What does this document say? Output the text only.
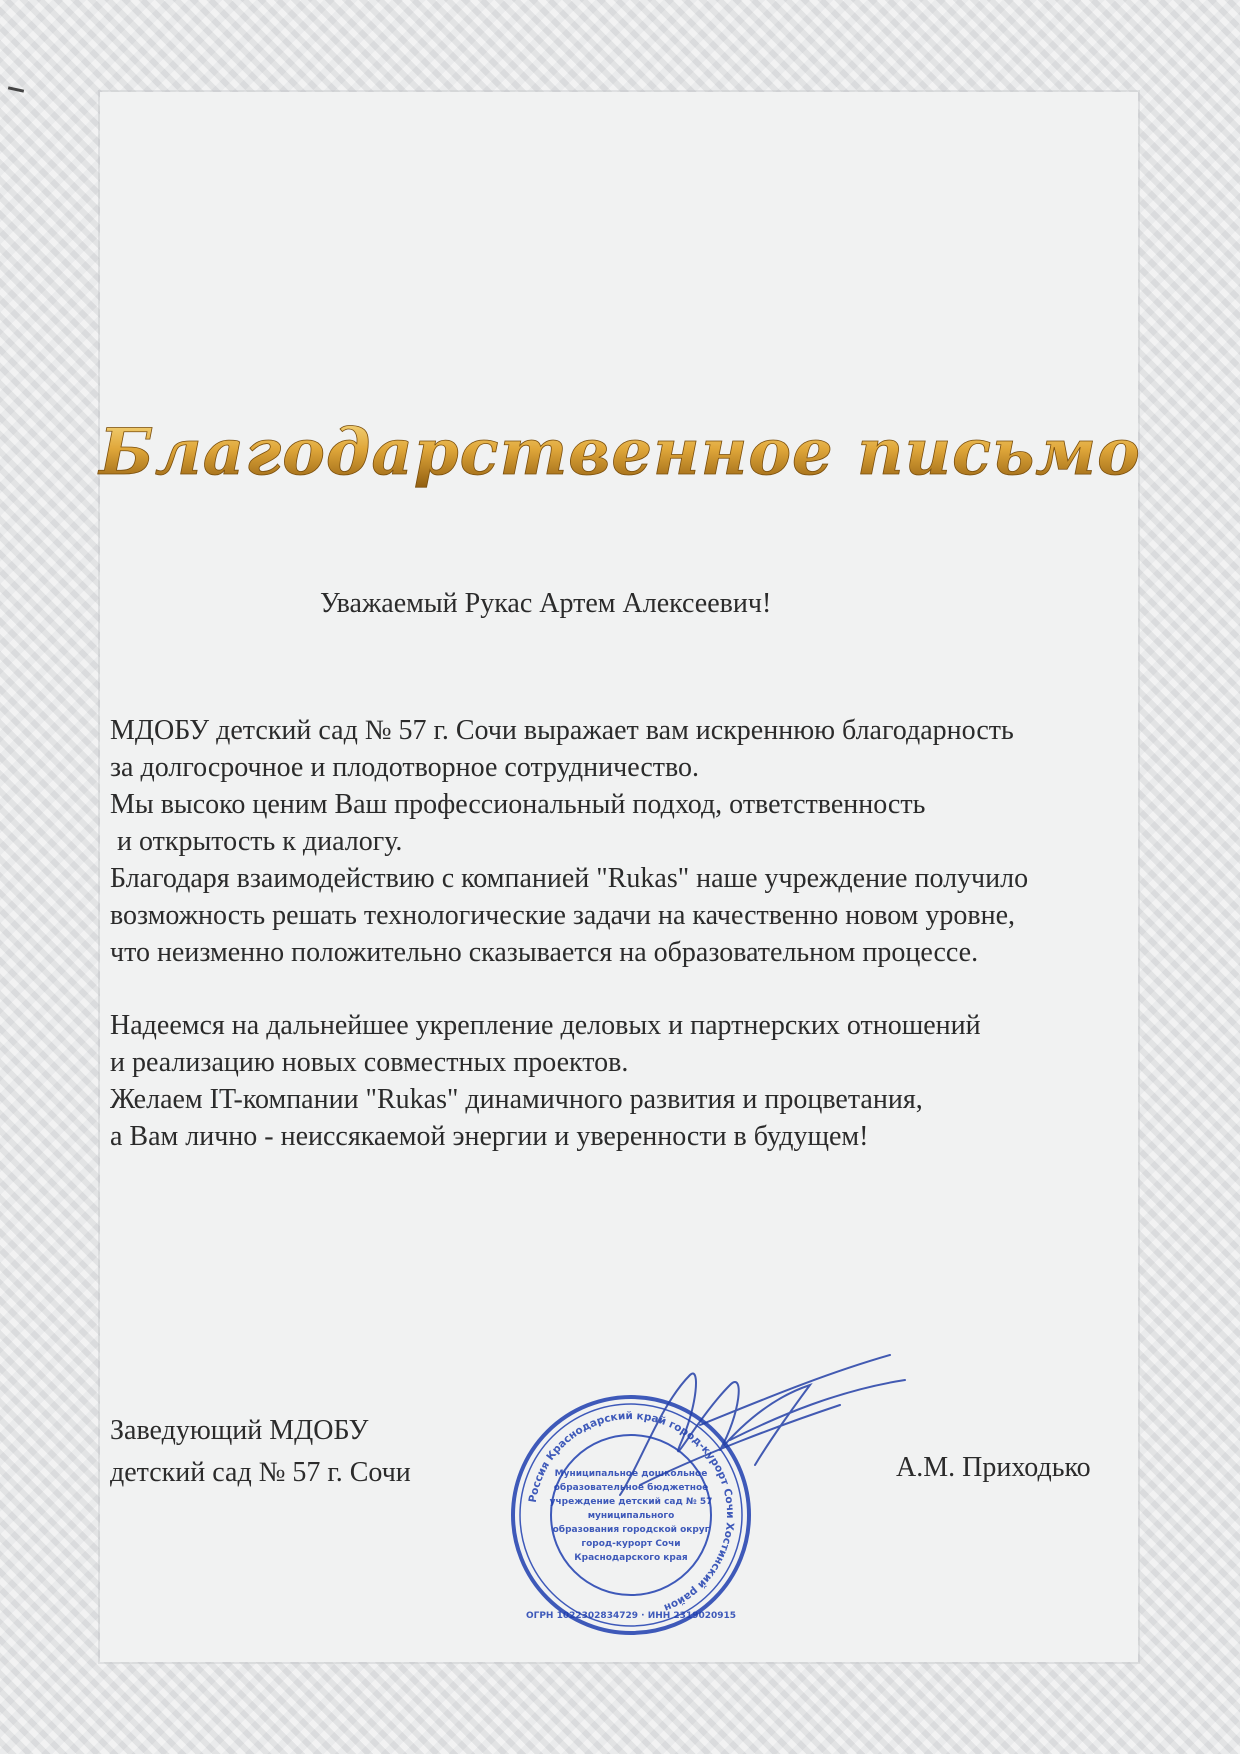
Благодарственное письмо
Уважаемый Рукас Артем Алексеевич!

МДОБУ детский сад № 57 г. Сочи выражает вам искреннюю благодарность

за долгосрочное и плодотворное сотрудничество.

Мы высоко ценим Ваш профессиональный подход, ответственность

и открытость к диалогу.

Благодаря взаимодействию с компанией "Rukas" наше учреждение получило

возможность решать технологические задачи на качественно новом уровне,

что неизменно положительно сказывается на образовательном процессе.

Надеемся на дальнейшее укрепление деловых и партнерских отношений

и реализацию новых совместных проектов.

Желаем IT-компании "Rukas" динамичного развития и процветания,

а Вам лично - неиссякаемой энергии и уверенности в будущем!

Заведующий МДОБУ

детский сад № 57 г. Сочи	А.М. Приходько
Россия Краснодарский край город-курорт Сочи Хостинский район
ОГРН 1022302834729 · ИНН 2319020915
Муниципальное дошкольное
образовательное бюджетное
учреждение детский сад № 57
муниципального
образования городской округ
город-курорт Сочи
Краснодарского края
